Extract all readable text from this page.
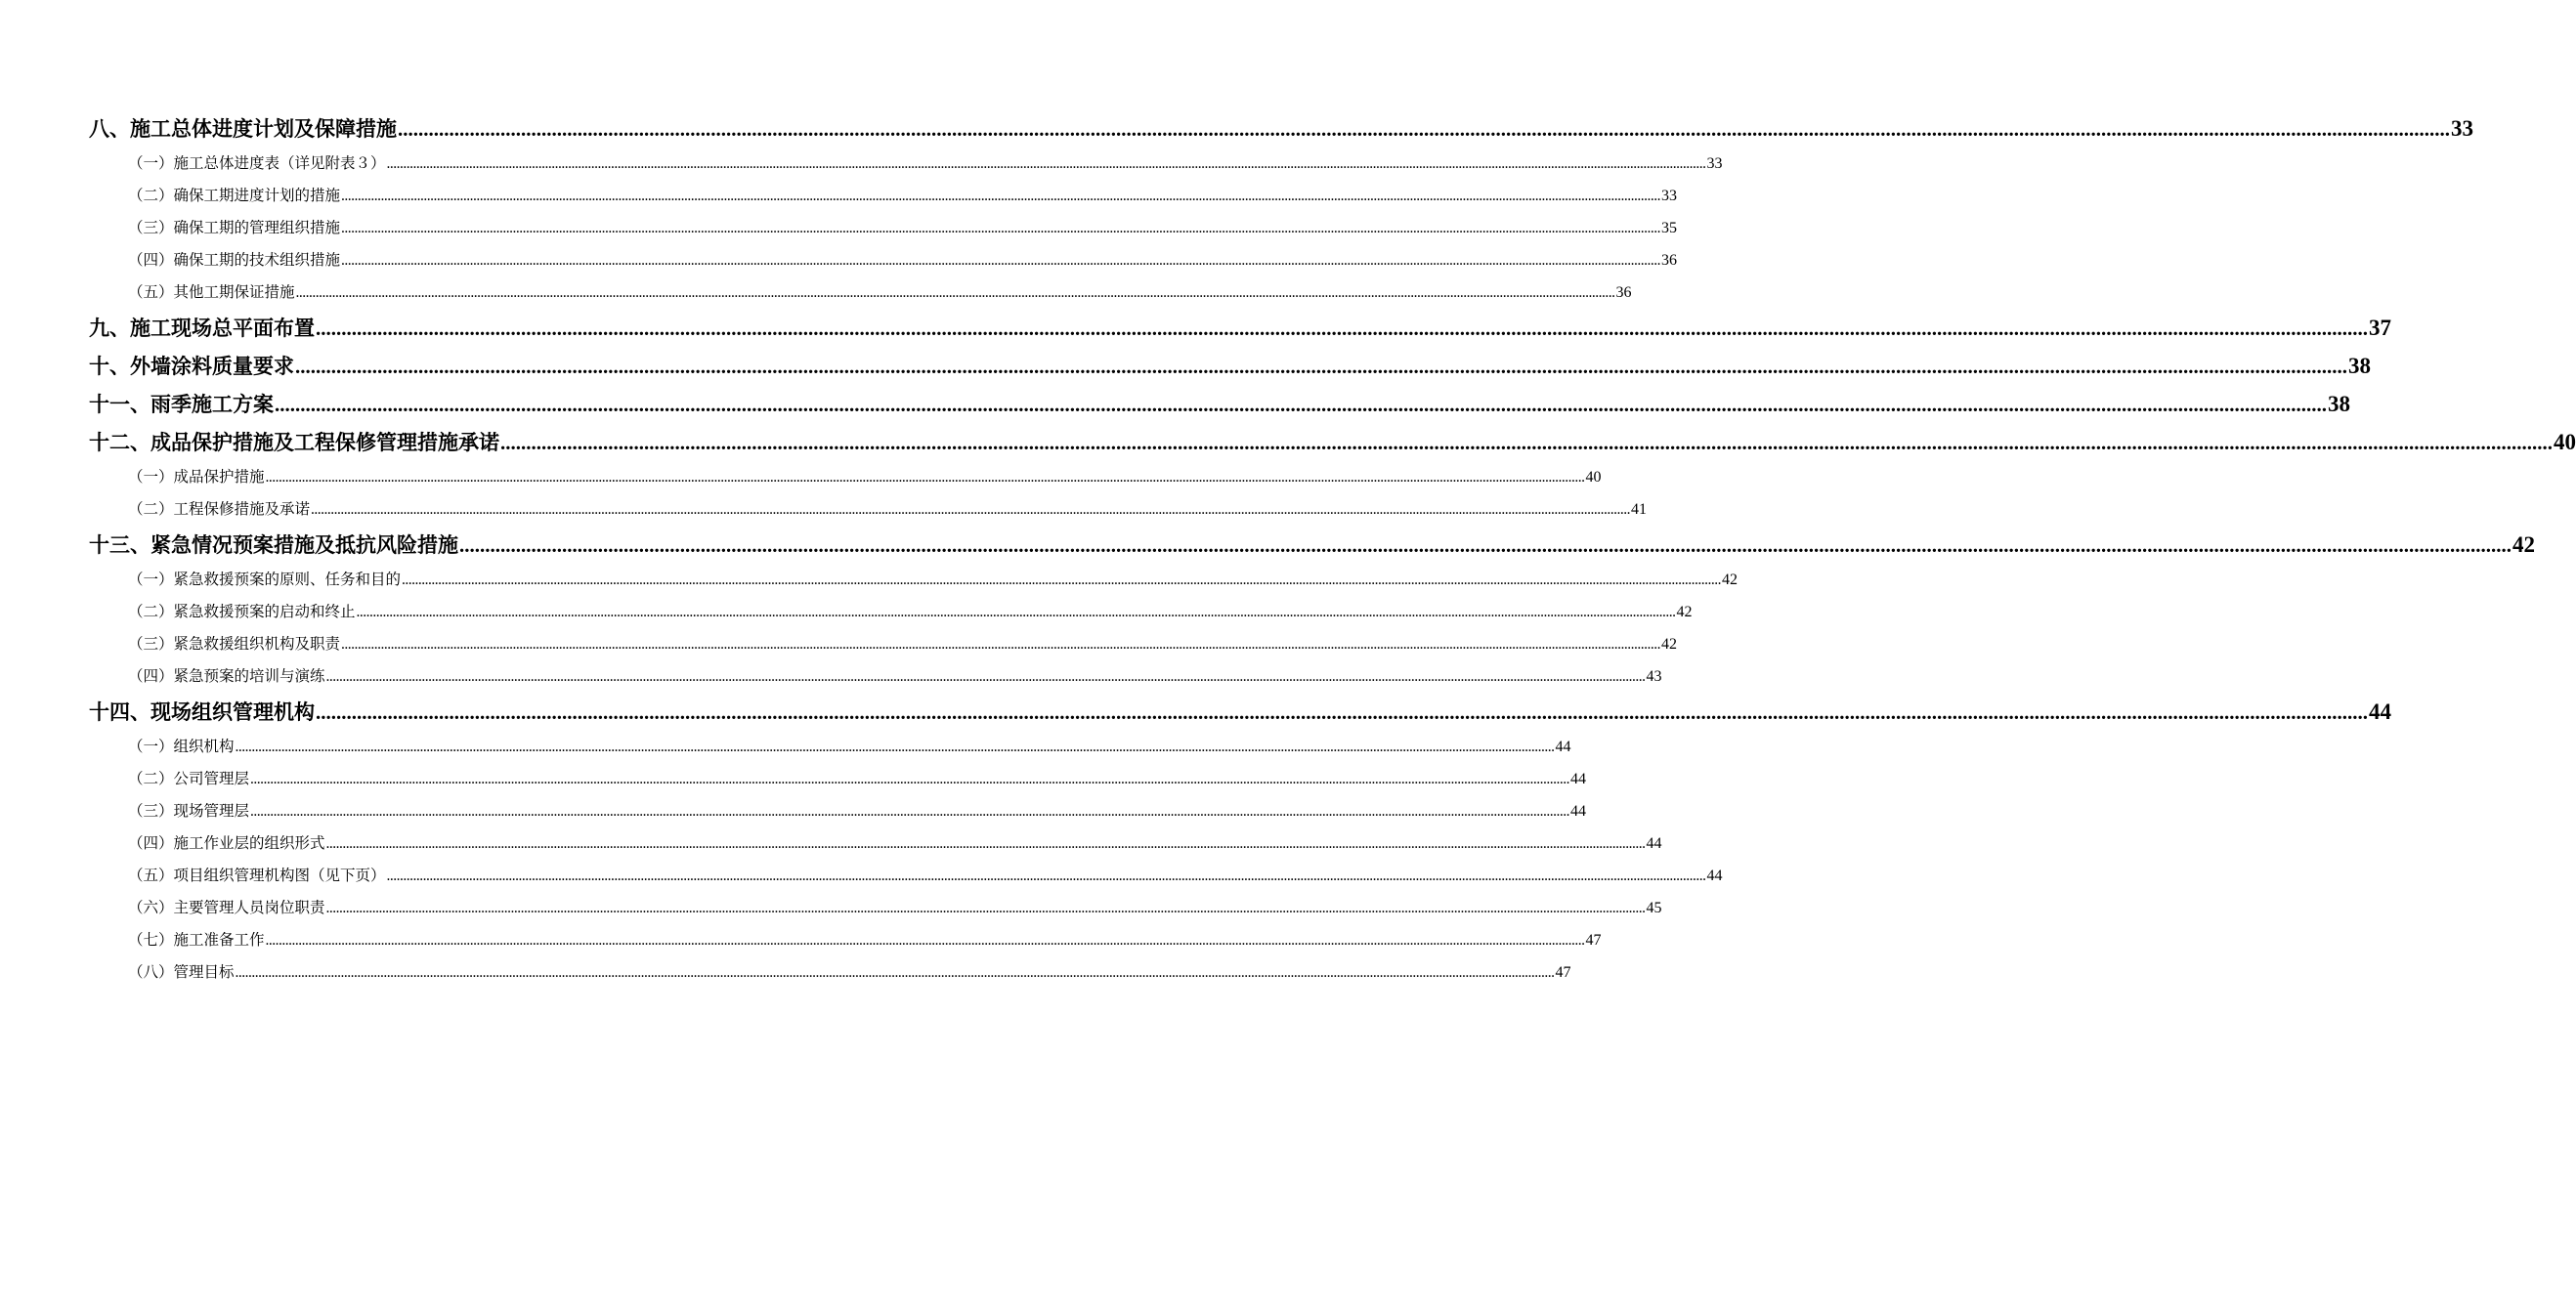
八、施工总体进度计划及保障措施 ................................................................................................................................................................................................................................................................................................................................................................................................................ 33
（一）施工总体进度表（详见附表３） ................................................................................................................................................................................................................................................................................................................................................................................................................ 33
（二）确保工期进度计划的措施 ................................................................................................................................................................................................................................................................................................................................................................................................................ 33
（三）确保工期的管理组织措施 ................................................................................................................................................................................................................................................................................................................................................................................................................ 35
（四）确保工期的技术组织措施 ................................................................................................................................................................................................................................................................................................................................................................................................................ 36
（五）其他工期保证措施 ................................................................................................................................................................................................................................................................................................................................................................................................................ 36
九、施工现场总平面布置 ................................................................................................................................................................................................................................................................................................................................................................................................................ 37
十、外墙涂料质量要求 ................................................................................................................................................................................................................................................................................................................................................................................................................ 38
十一、雨季施工方案 ................................................................................................................................................................................................................................................................................................................................................................................................................ 38
十二、成品保护措施及工程保修管理措施承诺 ................................................................................................................................................................................................................................................................................................................................................................................................................ 40
（一）成品保护措施 ................................................................................................................................................................................................................................................................................................................................................................................................................ 40
（二）工程保修措施及承诺 ................................................................................................................................................................................................................................................................................................................................................................................................................ 41
十三、紧急情况预案措施及抵抗风险措施 ................................................................................................................................................................................................................................................................................................................................................................................................................ 42
（一）紧急救援预案的原则、任务和目的 ................................................................................................................................................................................................................................................................................................................................................................................................................ 42
（二）紧急救援预案的启动和终止 ................................................................................................................................................................................................................................................................................................................................................................................................................ 42
（三）紧急救援组织机构及职责 ................................................................................................................................................................................................................................................................................................................................................................................................................ 42
（四）紧急预案的培训与演练 ................................................................................................................................................................................................................................................................................................................................................................................................................ 43
十四、现场组织管理机构 ................................................................................................................................................................................................................................................................................................................................................................................................................ 44
（一）组织机构 ................................................................................................................................................................................................................................................................................................................................................................................................................ 44
（二）公司管理层 ................................................................................................................................................................................................................................................................................................................................................................................................................ 44
（三）现场管理层 ................................................................................................................................................................................................................................................................................................................................................................................................................ 44
（四）施工作业层的组织形式 ................................................................................................................................................................................................................................................................................................................................................................................................................ 44
（五）项目组织管理机构图（见下页） ................................................................................................................................................................................................................................................................................................................................................................................................................ 44
（六）主要管理人员岗位职责 ................................................................................................................................................................................................................................................................................................................................................................................................................ 45
（七）施工准备工作 ................................................................................................................................................................................................................................................................................................................................................................................................................ 47
（八）管理目标 ................................................................................................................................................................................................................................................................................................................................................................................................................ 47
